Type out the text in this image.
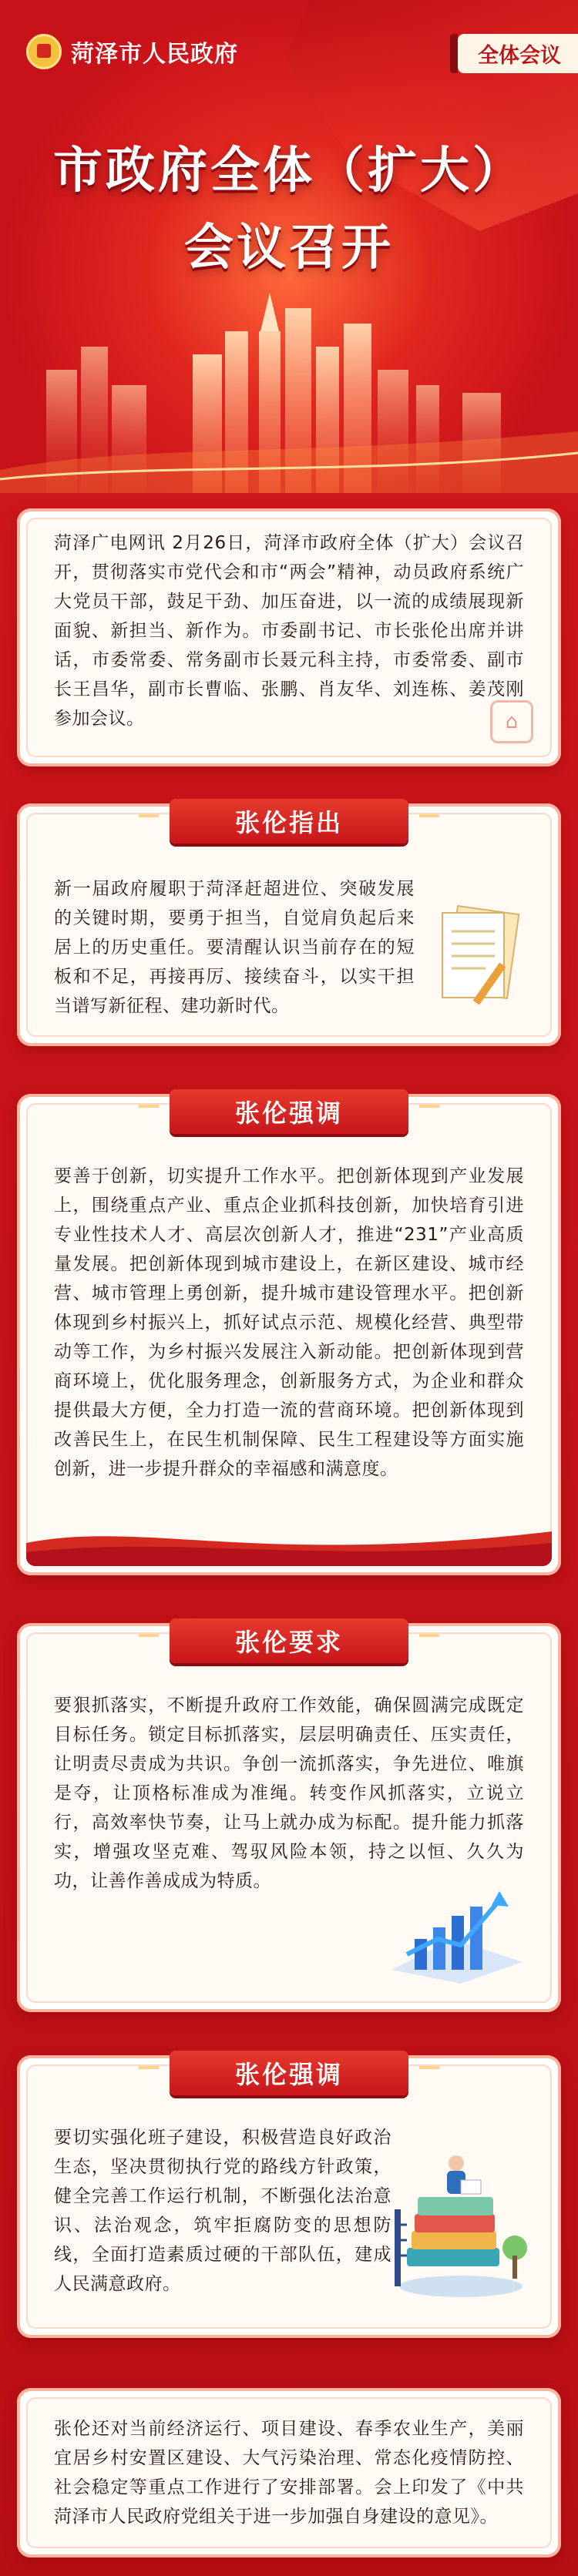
菏泽市人民政府	全体会议
市政府全体（扩大）
会议召开

菏泽广电网讯 2月26日，菏泽市政府全体（扩大）会议召开，贯彻落实市党代会和市“两会”精神，动员政府系统广大党员干部，鼓足干劲、加压奋进，以一流的成绩展现新面貌、新担当、新作为。市委副书记、市长张伦出席并讲话，市委常委、常务副市长聂元科主持，市委常委、副市长王昌华，副市长曹临、张鹏、肖友华、刘连栋、姜茂刚参加会议。	⌂
张伦指出

新一届政府履职于菏泽赶超进位、突破发展的关键时期，要勇于担当，自觉肩负起后来居上的历史重任。要清醒认识当前存在的短板和不足，再接再厉、接续奋斗，以实干担当谱写新征程、建功新时代。

张伦强调

要善于创新，切实提升工作水平。把创新体现到产业发展上，围绕重点产业、重点企业抓科技创新，加快培育引进专业性技术人才、高层次创新人才，推进“231”产业高质量发展。把创新体现到城市建设上，在新区建设、城市经营、城市管理上勇创新，提升城市建设管理水平。把创新体现到乡村振兴上，抓好试点示范、规模化经营、典型带动等工作，为乡村振兴发展注入新动能。把创新体现到营商环境上，优化服务理念，创新服务方式，为企业和群众提供最大方便，全力打造一流的营商环境。把创新体现到改善民生上，在民生机制保障、民生工程建设等方面实施创新，进一步提升群众的幸福感和满意度。

张伦要求

要狠抓落实，不断提升政府工作效能，确保圆满完成既定目标任务。锁定目标抓落实，层层明确责任、压实责任，让明责尽责成为共识。争创一流抓落实，争先进位、唯旗是夺，让顶格标准成为准绳。转变作风抓落实，立说立行，高效率快节奏，让马上就办成为标配。提升能力抓落实，增强攻坚克难、驾驭风险本领，持之以恒、久久为功，让善作善成成为特质。

张伦强调

要切实强化班子建设，积极营造良好政治生态，坚决贯彻执行党的路线方针政策，健全完善工作运行机制，不断强化法治意识、法治观念，筑牢拒腐防变的思想防线，全面打造素质过硬的干部队伍，建成人民满意政府。

张伦还对当前经济运行、项目建设、春季农业生产，美丽宜居乡村安置区建设、大气污染治理、常态化疫情防控、社会稳定等重点工作进行了安排部署。会上印发了《中共菏泽市人民政府党组关于进一步加强自身建设的意见》。
